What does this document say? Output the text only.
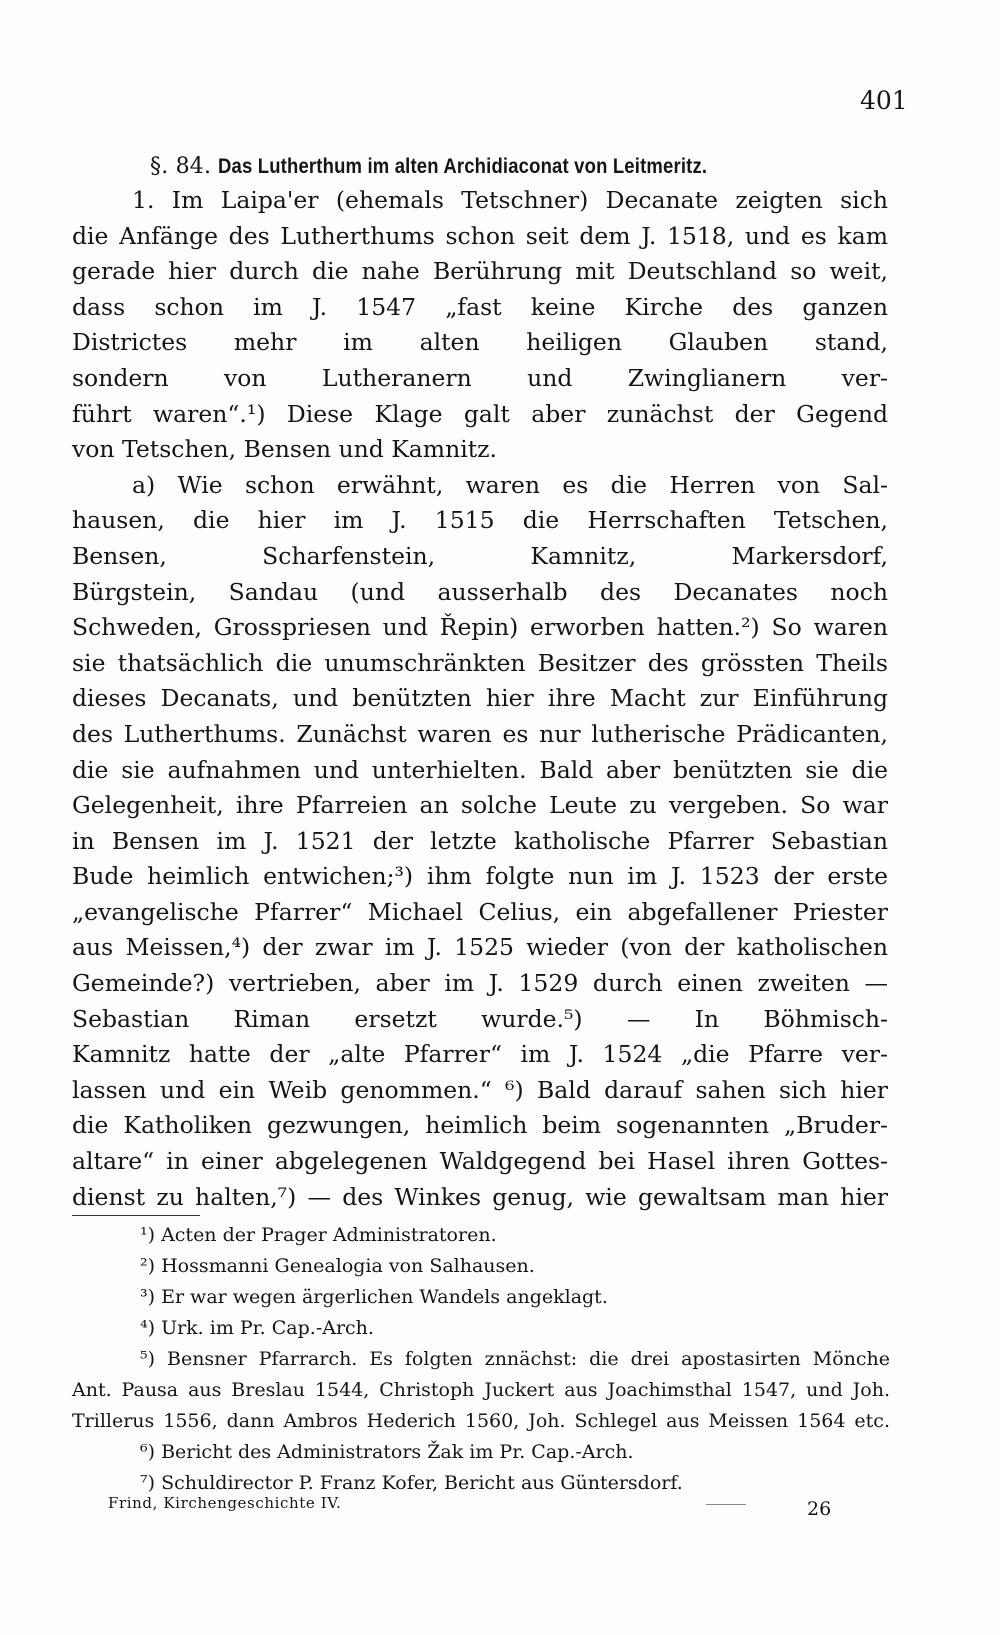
401
§. 84. Das Lutherthum im alten Archidiaconat von Leitmeritz.
1. Im Laipa'er (ehemals Tetschner) Decanate zeigten sich
die Anfänge des Lutherthums schon seit dem J. 1518, und es kam
gerade hier durch die nahe Berührung mit Deutschland so weit,
dass schon im J. 1547 „fast keine Kirche des ganzen
Districtes mehr im alten heiligen Glauben stand,
sondern von Lutheranern und Zwinglianern ver-
führt waren“.¹) Diese Klage galt aber zunächst der Gegend
von Tetschen, Bensen und Kamnitz.
a) Wie schon erwähnt, waren es die Herren von Sal-
hausen, die hier im J. 1515 die Herrschaften Tetschen,
Bensen, Scharfenstein, Kamnitz, Markersdorf,
Bürgstein, Sandau (und ausserhalb des Decanates noch
Schweden, Grosspriesen und Řepin) erworben hatten.²) So waren
sie thatsächlich die unumschränkten Besitzer des grössten Theils
dieses Decanats, und benützten hier ihre Macht zur Einführung
des Lutherthums. Zunächst waren es nur lutherische Prädicanten,
die sie aufnahmen und unterhielten. Bald aber benützten sie die
Gelegenheit, ihre Pfarreien an solche Leute zu vergeben. So war
in Bensen im J. 1521 der letzte katholische Pfarrer Sebastian
Bude heimlich entwichen;³) ihm folgte nun im J. 1523 der erste
„evangelische Pfarrer“ Michael Celius, ein abgefallener Priester
aus Meissen,⁴) der zwar im J. 1525 wieder (von der katholischen
Gemeinde?) vertrieben, aber im J. 1529 durch einen zweiten —
Sebastian Riman ersetzt wurde.⁵) — In Böhmisch-
Kamnitz hatte der „alte Pfarrer“ im J. 1524 „die Pfarre ver-
lassen und ein Weib genommen.“ ⁶) Bald darauf sahen sich hier
die Katholiken gezwungen, heimlich beim sogenannten „Bruder-
altare“ in einer abgelegenen Waldgegend bei Hasel ihren Gottes-
dienst zu halten,⁷) — des Winkes genug, wie gewaltsam man hier
¹) Acten der Prager Administratoren.
²) Hossmanni Genealogia von Salhausen.
³) Er war wegen ärgerlichen Wandels angeklagt.
⁴) Urk. im Pr. Cap.-Arch.
⁵) Bensner Pfarrarch. Es folgten znnächst: die drei apostasirten Mönche
Ant. Pausa aus Breslau 1544, Christoph Juckert aus Joachimsthal 1547, und Joh.
Trillerus 1556, dann Ambros Hederich 1560, Joh. Schlegel aus Meissen 1564 etc.
⁶) Bericht des Administrators Žak im Pr. Cap.-Arch.
⁷) Schuldirector P. Franz Kofer, Bericht aus Güntersdorf.
Frind, Kirchengeschichte IV.	26
